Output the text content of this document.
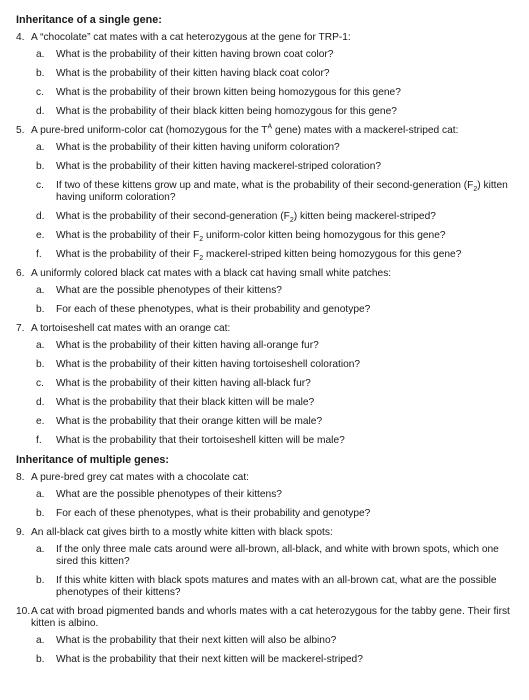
Inheritance of a single gene:
4. A “chocolate” cat mates with a cat heterozygous at the gene for TRP-1:
a.	What is the probability of their kitten having brown coat color?
b.	What is the probability of their kitten having black coat color?
c.	What is the probability of their brown kitten being homozygous for this gene?
d.	What is the probability of their black kitten being homozygous for this gene?
5. A pure-bred uniform-color cat (homozygous for the $T^A$ gene) mates with a mackerel-striped cat:
a.	What is the probability of their kitten having uniform coloration?
b.	What is the probability of their kitten having mackerel-striped coloration?
c.	If two of these kittens grow up and mate, what is the probability of their second-generation $(F_2)$ kitten having uniform coloration?
d.	What is the probability of their second-generation $(F_2)$ kitten being mackerel-striped?
e.	What is the probability of their $F_2$ uniform-color kitten being homozygous for this gene?
f.	What is the probability of their $F_2$ mackerel-striped kitten being homozygous for this gene?
6. A uniformly colored black cat mates with a black cat having small white patches:
a.	What are the possible phenotypes of their kittens?
b.	For each of these phenotypes, what is their probability and genotype?
7. A tortoiseshell cat mates with an orange cat:
a.	What is the probability of their kitten having all-orange fur?
b.	What is the probability of their kitten having tortoiseshell coloration?
c.	What is the probability of their kitten having all-black fur?
d.	What is the probability that their black kitten will be male?
e.	What is the probability that their orange kitten will be male?
f.	What is the probability that their tortoiseshell kitten will be male?
Inheritance of multiple genes:
8. A pure-bred grey cat mates with a chocolate cat:
a.	What are the possible phenotypes of their kittens?
b.	For each of these phenotypes, what is their probability and genotype?
9. An all-black cat gives birth to a mostly white kitten with black spots:
a.	If the only three male cats around were all-brown, all-black, and white with brown spots, which one sired this kitten?
b.	If this white kitten with black spots matures and mates with an all-brown cat, what are the possible phenotypes of their kittens?
10. A cat with broad pigmented bands and whorls mates with a cat heterozygous for the tabby gene. Their first kitten is albino.
a.	What is the probability that their next kitten will also be albino?
b.	What is the probability that their next kitten will be mackerel-striped?
